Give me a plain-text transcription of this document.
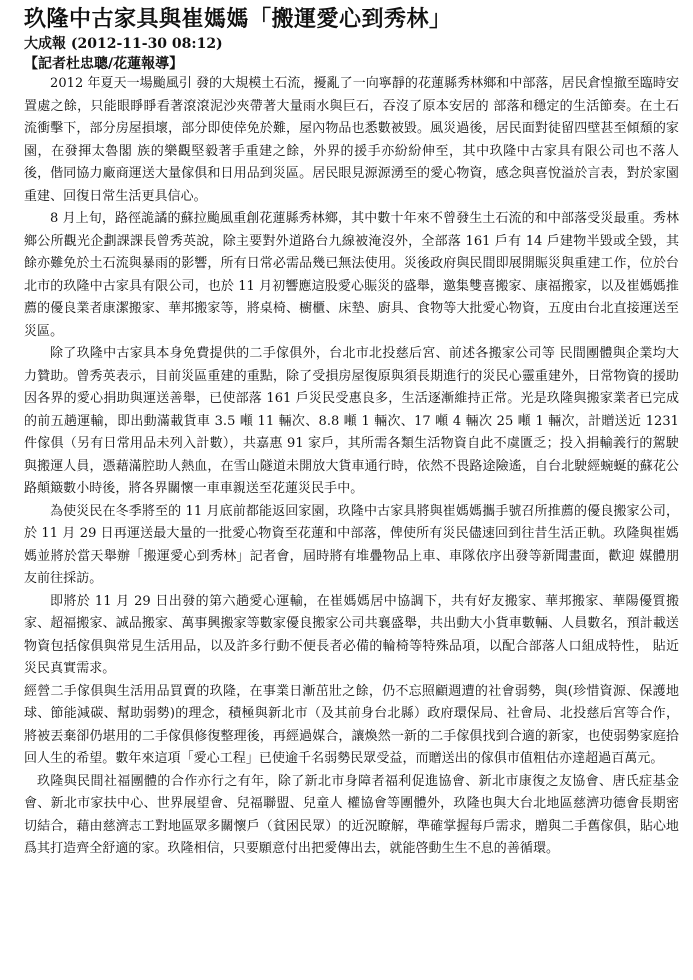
玖隆中古家具與崔媽媽「搬運愛心到秀林」
大成報 (2012-11-30 08:12)
【記者杜忠聰/花蓮報導】

2012 年夏天一場颱風引 發的大規模土石流，擾亂了一向寧靜的花蓮縣秀林鄉和中部落，居民倉惶撤至臨時安置處之餘，只能眼睜睜看著滾滾泥沙夾帶著大量雨水與巨石，吞沒了原本安居的 部落和穩定的生活節奏。在土石流衝擊下，部分房屋損壞，部分即使倖免於難，屋內物品也悉數被毀。風災過後，居民面對徒留四壁甚至傾頹的家園，在發揮太魯閣 族的樂觀堅毅著手重建之餘，外界的援手亦紛紛伸至，其中玖隆中古家具有限公司也不落人後，偕同協力廠商運送大量傢俱和日用品到災區。居民眼見源源湧至的愛心物資，感念與喜悅溢於言表，對於家園重建、回復日常生活更具信心。

8 月上旬，路徑詭譎的蘇拉颱風重創花蓮縣秀林鄉，其中數十年來不曾發生土石流的和中部落受災最重。秀林鄉公所觀光企劃課課長曾秀英說，除主要對外道路台九線被淹沒外，全部落 161 戶有 14 戶建物半毀或全毀，其餘亦難免於土石流與暴雨的影響，所有日常必需品幾已無法使用。災後政府與民間即展開賑災與重建工作，位於台北市的玖隆中古家具有限公司，也於 11 月初響應這股愛心賑災的盛舉，邀集雙喜搬家、康福搬家，以及崔媽媽推薦的優良業者康潔搬家、華邦搬家等，將桌椅、櫥櫃、床墊、廚具、食物等大批愛心物資，五度由台北直接運送至災區。

除了玖隆中古家具本身免費提供的二手傢俱外，台北市北投慈后宮、前述各搬家公司等 民間團體與企業均大力贊助。曾秀英表示，目前災區重建的重點，除了受損房屋復原與須長期進行的災民心靈重建外，日常物資的援助因各界的愛心捐助與運送善舉，已使部落 161 戶災民受惠良多，生活逐漸維持正常。光是玖隆與搬家業者已完成的前五趟運輸，即出動滿載貨車 3.5 噸 11 輛次、8.8 噸 1 輛次、17 噸 4 輛次 25 噸 1 輛次，計贈送近 1231 件傢俱（另有日常用品未列入計數），共嘉惠 91 家戶，其所需各類生活物資自此不虞匱乏；投入捐輸義行的駕駛與搬運人員，憑藉滿腔助人熱血，在雪山隧道未開放大貨車通行時，依然不畏路途險遙，自台北駛經蜿蜒的蘇花公路顛簸數小時後，將各界關懷一車車親送至花蓮災民手中。

為使災民在冬季將至的 11 月底前都能返回家園，玖隆中古家具將與崔媽媽攜手號召所推薦的優良搬家公司，於 11 月 29 日再運送最大量的一批愛心物資至花蓮和中部落，俾使所有災民儘速回到往昔生活正軌。玖隆與崔媽媽並將於當天舉辦「搬運愛心到秀林」記者會，屆時將有堆疊物品上車、車隊依序出發等新聞畫面，歡迎 媒體朋友前往採訪。

即將於 11 月 29 日出發的第六趟愛心運輸，在崔媽媽居中協調下，共有好友搬家、華邦搬家、華陽優質搬家、超福搬家、誠品搬家、萬事興搬家等數家優良搬家公司共襄盛舉，共出動大小貨車數輛、人員數名，預計載送物資包括傢俱與常見生活用品，以及許多行動不便長者必備的輪椅等特殊品項，以配合部落人口組成特性， 貼近災民真實需求。

經營二手傢俱與生活用品買賣的玖隆，在事業日漸茁壯之餘，仍不忘照顧週遭的社會弱勢，與(珍惜資源、保護地球、節能減碳、幫助弱勢)的理念，積極與新北市（及其前身台北縣）政府環保局、社會局、北投慈后宮等合作，將被丟棄卻仍堪用的二手傢俱修復整理後，再經過媒合，讓煥然一新的二手傢俱找到合適的新家，也使弱勢家庭拾回人生的希望。數年來這項「愛心工程」已使逾千名弱勢民眾受益，而贈送出的傢俱市值粗估亦達超過百萬元。

玖隆與民間社福團體的合作亦行之有年，除了新北市身障者福利促進協會、新北市康復之友協會、唐氏症基金會、新北市家扶中心、世界展望會、兒福聯盟、兒童人 權協會等團體外，玖隆也與大台北地區慈濟功德會長期密切結合，藉由慈濟志工對地區眾多關懷戶（貧困民眾）的近況瞭解，準確掌握每戶需求，贈與二手舊傢俱，貼心地爲其打造齊全舒適的家。玖隆相信，只要願意付出把愛傳出去，就能啓動生生不息的善循環。
